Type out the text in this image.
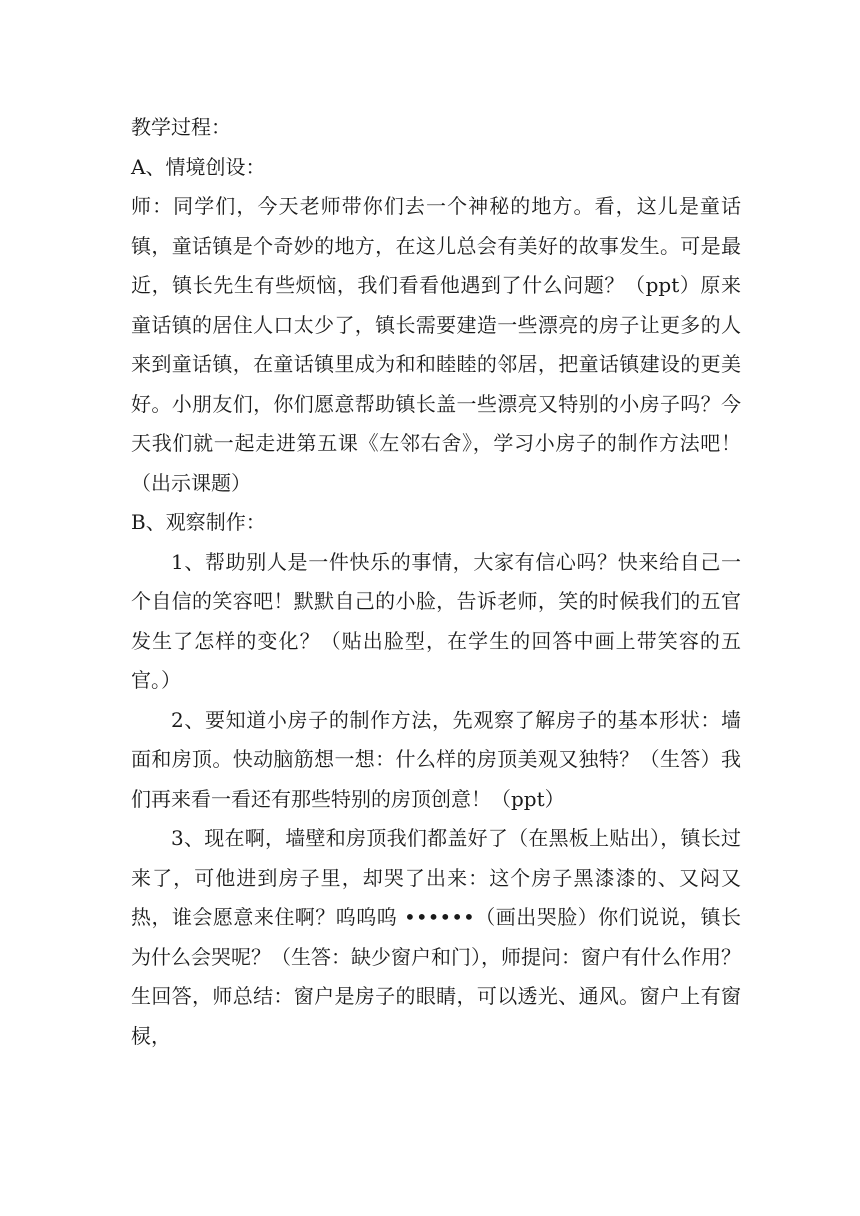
教学过程：

A、情境创设：

师：同学们，今天老师带你们去一个神秘的地方。看，这儿是童话镇，童话镇是个奇妙的地方，在这儿总会有美好的故事发生。可是最近，镇长先生有些烦恼，我们看看他遇到了什么问题？（ppt）原来童话镇的居住人口太少了，镇长需要建造一些漂亮的房子让更多的人来到童话镇，在童话镇里成为和和睦睦的邻居，把童话镇建设的更美好。小朋友们，你们愿意帮助镇长盖一些漂亮又特别的小房子吗？今天我们就一起走进第五课《左邻右舍》，学习小房子的制作方法吧！（出示课题）

B、观察制作：

1、帮助别人是一件快乐的事情，大家有信心吗？快来给自己一个自信的笑容吧！默默自己的小脸，告诉老师，笑的时候我们的五官发生了怎样的变化？（贴出脸型，在学生的回答中画上带笑容的五官。）

2、要知道小房子的制作方法，先观察了解房子的基本形状：墙面和房顶。快动脑筋想一想：什么样的房顶美观又独特？（生答）我们再来看一看还有那些特别的房顶创意！（ppt）

3、现在啊，墙壁和房顶我们都盖好了（在黑板上贴出），镇长过来了，可他进到房子里，却哭了出来：这个房子黑漆漆的、又闷又热，谁会愿意来住啊？呜呜呜 ••••••（画出哭脸）你们说说，镇长为什么会哭呢？（生答：缺少窗户和门），师提问：窗户有什么作用？生回答，师总结：窗户是房子的眼睛，可以透光、通风。窗户上有窗棂，
